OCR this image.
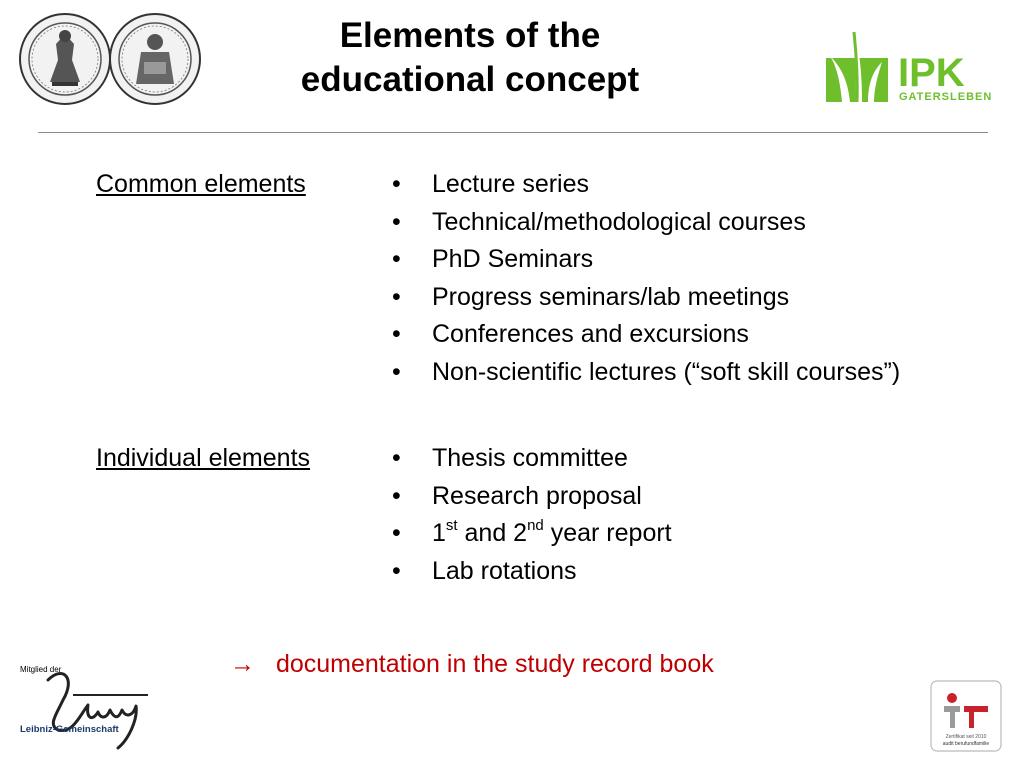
Elements of the
educational concept	IPK
GATERSLEBEN
Common elements	• Lecture series
• Technical/methodological courses
• PhD Seminars
• Progress seminars/lab meetings
• Conferences and excursions
• Non-scientific lectures (“soft skill courses”)
Individual elements	• Thesis committee
• Research proposal
• 1st and 2nd year report
• Lab rotations
→ documentation in the study record book
Mitglied der
Leibniz-Gemeinschaft
Zertifikat seit 2010
audit berufundfamilie
